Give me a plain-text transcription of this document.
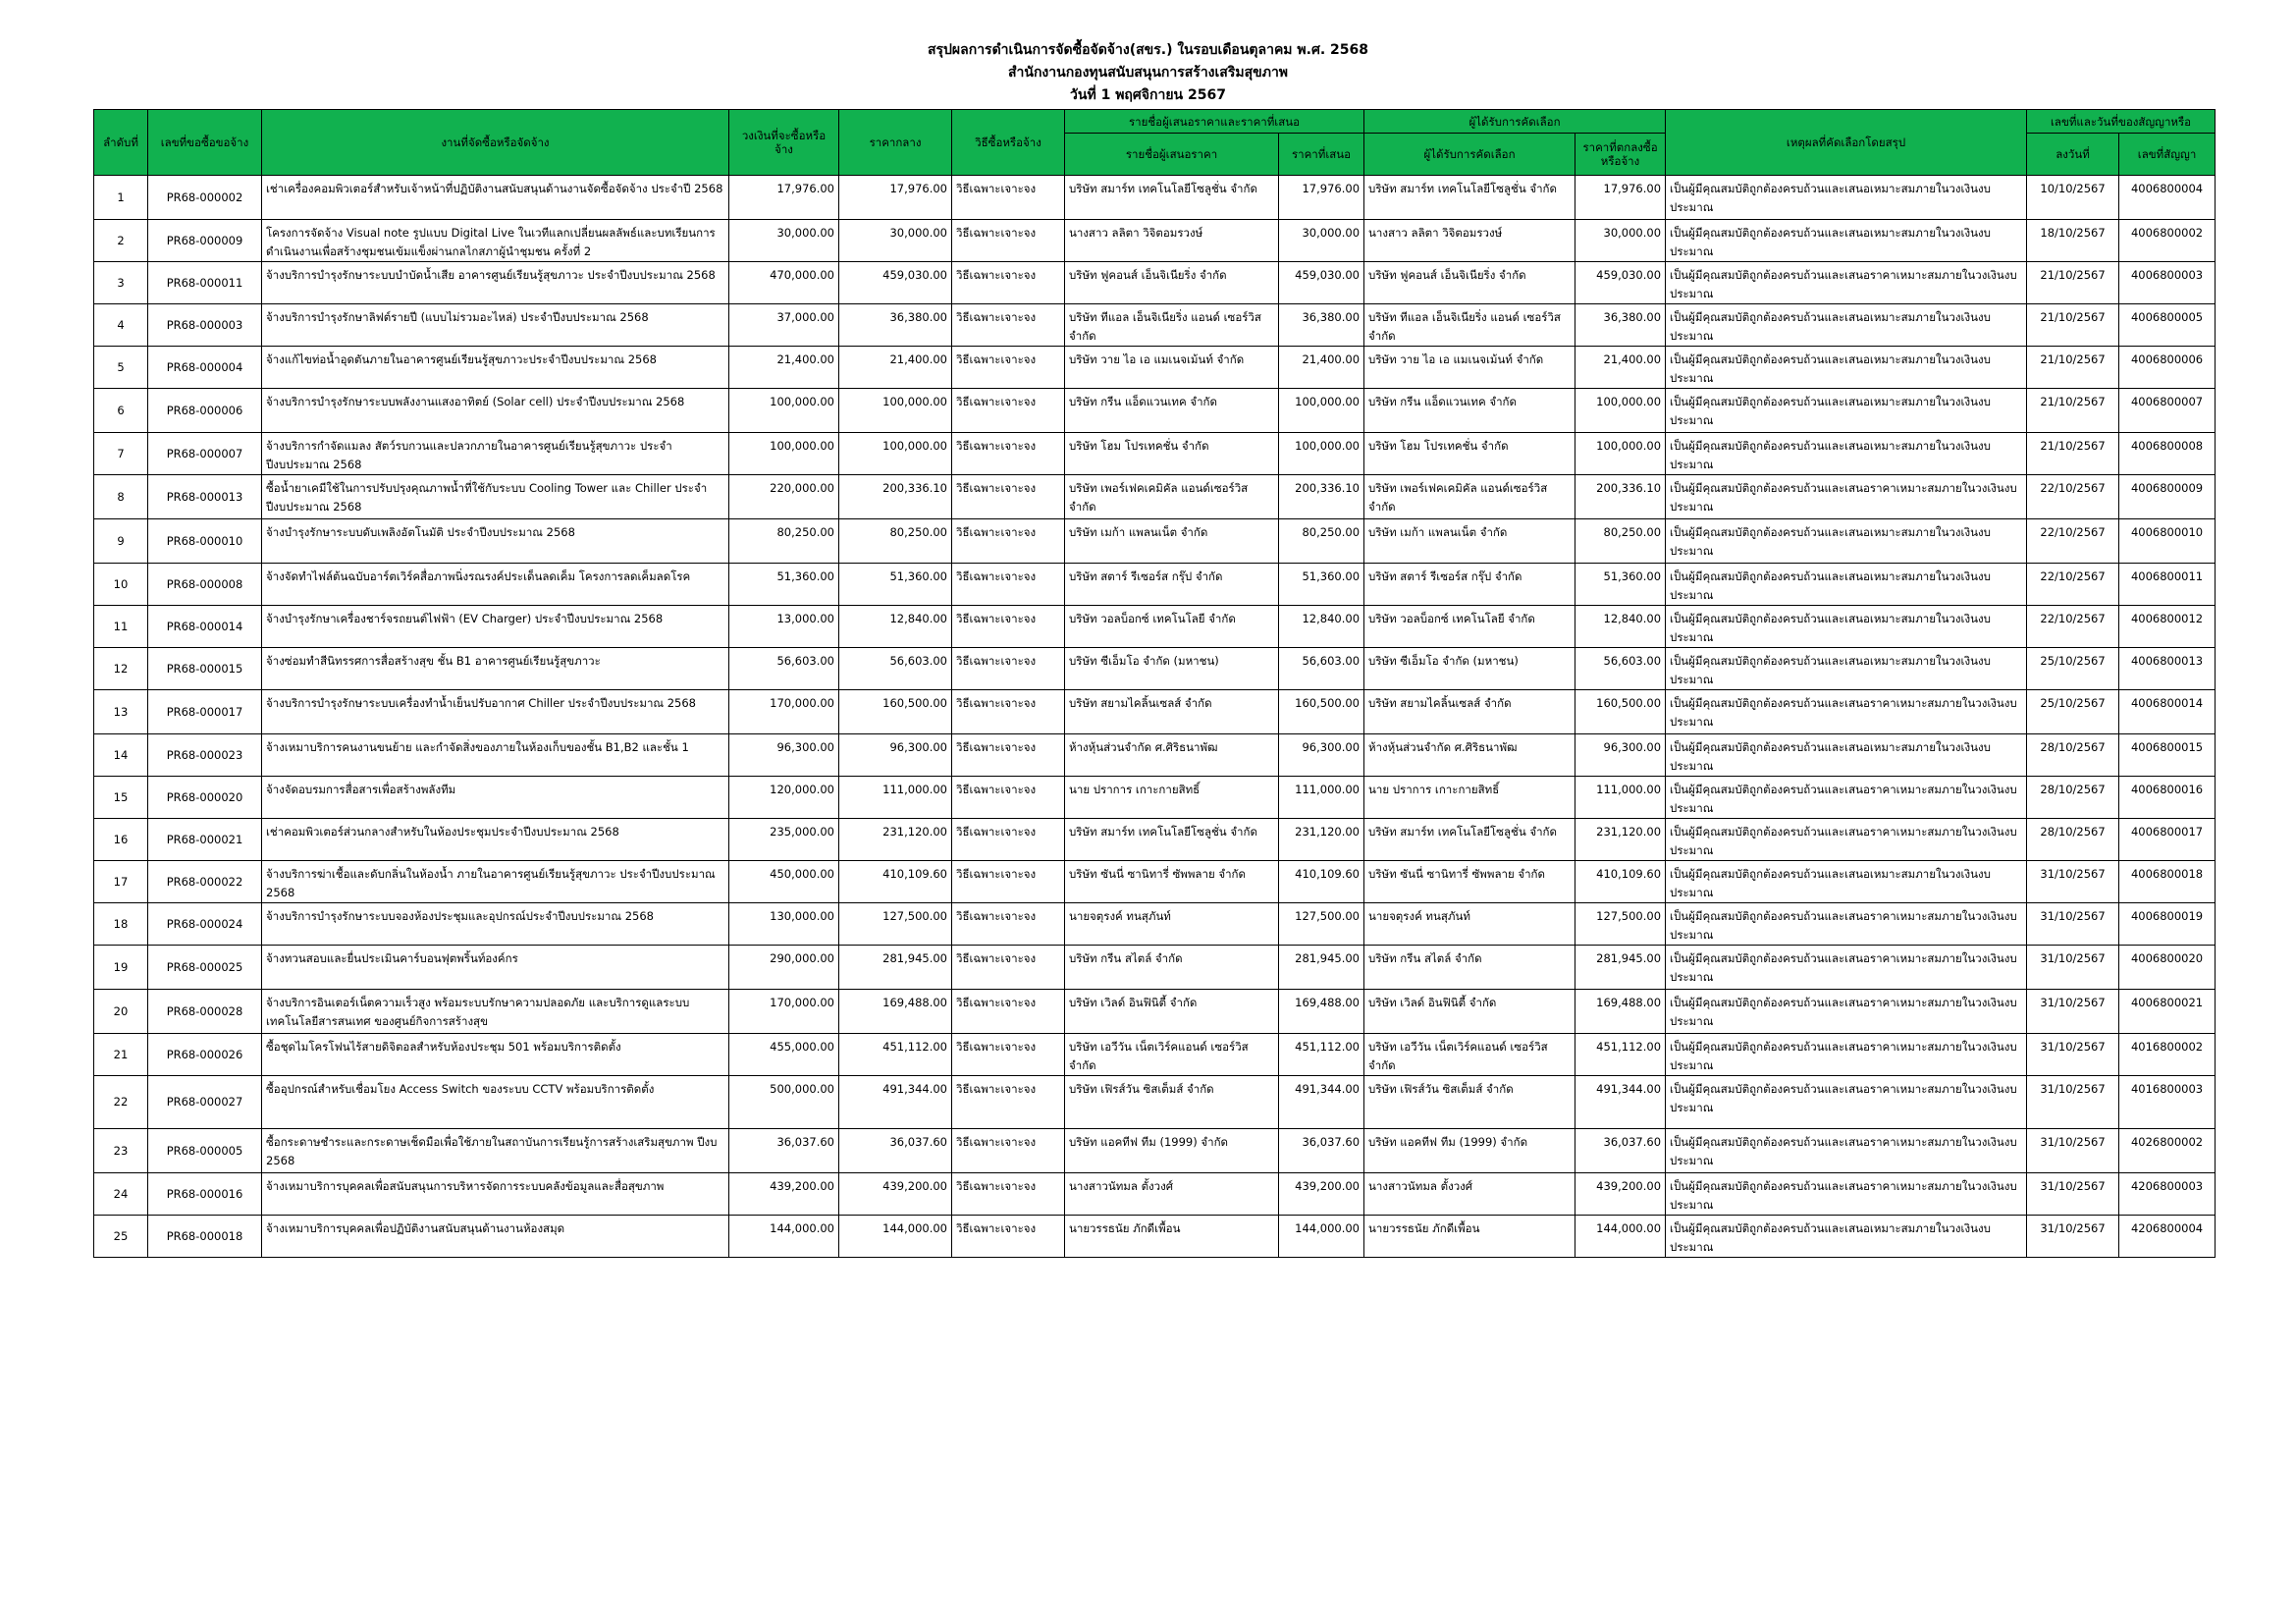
สรุปผลการดำเนินการจัดซื้อจัดจ้าง(สขร.) ในรอบเดือนตุลาคม พ.ศ. 2568
สำนักงานกองทุนสนับสนุนการสร้างเสริมสุขภาพ
วันที่ 1 พฤศจิกายน 2567
ลำดับที่	เลขที่ขอซื้อขอจ้าง	งานที่จัดซื้อหรือจัดจ้าง	วงเงินที่จะซื้อหรือจ้าง	ราคากลาง	วิธีซื้อหรือจ้าง	รายชื่อผู้เสนอราคาและราคาที่เสนอ		ผู้ได้รับการคัดเลือก		เหตุผลที่คัดเลือกโดยสรุป	เลขที่และวันที่ของสัญญาหรือ	
						รายชื่อผู้เสนอราคา	ราคาที่เสนอ	ผู้ได้รับการคัดเลือก	ราคาที่ตกลงซื้อหรือจ้าง		ลงวันที่	เลขที่สัญญา
1	PR68-000002	เช่าเครื่องคอมพิวเตอร์สำหรับเจ้าหน้าที่ปฏิบัติงานสนับสนุนด้านงานจัดซื้อจัดจ้าง ประจำปี 2568	17,976.00	17,976.00	วิธีเฉพาะเจาะจง	บริษัท สมาร์ท เทคโนโลยีโซลูชั่น จำกัด	17,976.00	บริษัท สมาร์ท เทคโนโลยีโซลูชั่น จำกัด	17,976.00	เป็นผู้มีคุณสมบัติถูกต้องครบถ้วนและเสนอเหมาะสมภายในวงเงินงบประมาณ	10/10/2567	4006800004
2	PR68-000009	โครงการจัดจ้าง Visual note รูปแบบ Digital Live ในเวทีแลกเปลี่ยนผลลัพธ์และบทเรียนการดำเนินงานเพื่อสร้างชุมชนเข้มแข็งผ่านกลไกสภาผู้นำชุมชน ครั้งที่ 2	30,000.00	30,000.00	วิธีเฉพาะเจาะจง	นางสาว ลลิตา วิจิตอมรวงษ์	30,000.00	นางสาว ลลิตา วิจิตอมรวงษ์	30,000.00	เป็นผู้มีคุณสมบัติถูกต้องครบถ้วนและเสนอเหมาะสมภายในวงเงินงบประมาณ	18/10/2567	4006800002
3	PR68-000011	จ้างบริการบำรุงรักษาระบบบำบัดน้ำเสีย อาคารศูนย์เรียนรู้สุขภาวะ ประจำปีงบประมาณ 2568	470,000.00	459,030.00	วิธีเฉพาะเจาะจง	บริษัท ฟูคอนส์ เอ็นจิเนียริ่ง จำกัด	459,030.00	บริษัท ฟูคอนส์ เอ็นจิเนียริ่ง จำกัด	459,030.00	เป็นผู้มีคุณสมบัติถูกต้องครบถ้วนและเสนอราคาเหมาะสมภายในวงเงินงบประมาณ	21/10/2567	4006800003
4	PR68-000003	จ้างบริการบำรุงรักษาลิฟต์รายปี (แบบไม่รวมอะไหล่) ประจำปีงบประมาณ 2568	37,000.00	36,380.00	วิธีเฉพาะเจาะจง	บริษัท ทีแอล เอ็นจิเนียริ่ง แอนด์ เซอร์วิส จำกัด	36,380.00	บริษัท ทีแอล เอ็นจิเนียริ่ง แอนด์ เซอร์วิส จำกัด	36,380.00	เป็นผู้มีคุณสมบัติถูกต้องครบถ้วนและเสนอเหมาะสมภายในวงเงินงบประมาณ	21/10/2567	4006800005
5	PR68-000004	จ้างแก้ไขท่อน้ำอุดตันภายในอาคารศูนย์เรียนรู้สุขภาวะประจำปีงบประมาณ 2568	21,400.00	21,400.00	วิธีเฉพาะเจาะจง	บริษัท วาย ไอ เอ แมเนจเม้นท์ จำกัด	21,400.00	บริษัท วาย ไอ เอ แมเนจเม้นท์ จำกัด	21,400.00	เป็นผู้มีคุณสมบัติถูกต้องครบถ้วนและเสนอเหมาะสมภายในวงเงินงบประมาณ	21/10/2567	4006800006
6	PR68-000006	จ้างบริการบำรุงรักษาระบบพลังงานแสงอาทิตย์ (Solar cell) ประจำปีงบประมาณ 2568	100,000.00	100,000.00	วิธีเฉพาะเจาะจง	บริษัท กรีน แอ็ดแวนเทค จำกัด	100,000.00	บริษัท กรีน แอ็ดแวนเทค จำกัด	100,000.00	เป็นผู้มีคุณสมบัติถูกต้องครบถ้วนและเสนอเหมาะสมภายในวงเงินงบประมาณ	21/10/2567	4006800007
7	PR68-000007	จ้างบริการกำจัดแมลง สัตว์รบกวนและปลวกภายในอาคารศูนย์เรียนรู้สุขภาวะ ประจำปีงบประมาณ 2568	100,000.00	100,000.00	วิธีเฉพาะเจาะจง	บริษัท โฮม โปรเทคชั่น จำกัด	100,000.00	บริษัท โฮม โปรเทคชั่น จำกัด	100,000.00	เป็นผู้มีคุณสมบัติถูกต้องครบถ้วนและเสนอเหมาะสมภายในวงเงินงบประมาณ	21/10/2567	4006800008
8	PR68-000013	ซื้อน้ำยาเคมีใช้ในการปรับปรุงคุณภาพน้ำที่ใช้กับระบบ Cooling Tower และ Chiller ประจำปีงบประมาณ 2568	220,000.00	200,336.10	วิธีเฉพาะเจาะจง	บริษัท เพอร์เฟคเคมิคัล แอนด์เซอร์วิส จำกัด	200,336.10	บริษัท เพอร์เฟคเคมิคัล แอนด์เซอร์วิส จำกัด	200,336.10	เป็นผู้มีคุณสมบัติถูกต้องครบถ้วนและเสนอราคาเหมาะสมภายในวงเงินงบประมาณ	22/10/2567	4006800009
9	PR68-000010	จ้างบำรุงรักษาระบบดับเพลิงอัตโนมัติ ประจำปีงบประมาณ 2568	80,250.00	80,250.00	วิธีเฉพาะเจาะจง	บริษัท เมก้า แพลนเน็ต จำกัด	80,250.00	บริษัท เมก้า แพลนเน็ต จำกัด	80,250.00	เป็นผู้มีคุณสมบัติถูกต้องครบถ้วนและเสนอเหมาะสมภายในวงเงินงบประมาณ	22/10/2567	4006800010
10	PR68-000008	จ้างจัดทำไฟล์ต้นฉบับอาร์ตเวิร์คสื่อภาพนิ่งรณรงค์ประเด็นลดเค็ม โครงการลดเค็มลดโรค	51,360.00	51,360.00	วิธีเฉพาะเจาะจง	บริษัท สตาร์ รีเซอร์ส กรุ๊ป จำกัด	51,360.00	บริษัท สตาร์ รีเซอร์ส กรุ๊ป จำกัด	51,360.00	เป็นผู้มีคุณสมบัติถูกต้องครบถ้วนและเสนอเหมาะสมภายในวงเงินงบประมาณ	22/10/2567	4006800011
11	PR68-000014	จ้างบำรุงรักษาเครื่องชาร์จรถยนต์ไฟฟ้า (EV Charger) ประจำปีงบประมาณ 2568	13,000.00	12,840.00	วิธีเฉพาะเจาะจง	บริษัท วอลบ็อกซ์ เทคโนโลยี จำกัด	12,840.00	บริษัท วอลบ็อกซ์ เทคโนโลยี จำกัด	12,840.00	เป็นผู้มีคุณสมบัติถูกต้องครบถ้วนและเสนอเหมาะสมภายในวงเงินงบประมาณ	22/10/2567	4006800012
12	PR68-000015	จ้างซ่อมทำสีนิทรรศการสื่อสร้างสุข ชั้น B1 อาคารศูนย์เรียนรู้สุขภาวะ	56,603.00	56,603.00	วิธีเฉพาะเจาะจง	บริษัท ซีเอ็มโอ จำกัด (มหาชน)	56,603.00	บริษัท ซีเอ็มโอ จำกัด (มหาชน)	56,603.00	เป็นผู้มีคุณสมบัติถูกต้องครบถ้วนและเสนอเหมาะสมภายในวงเงินงบประมาณ	25/10/2567	4006800013
13	PR68-000017	จ้างบริการบำรุงรักษาระบบเครื่องทำน้ำเย็นปรับอากาศ Chiller ประจำปีงบประมาณ 2568	170,000.00	160,500.00	วิธีเฉพาะเจาะจง	บริษัท สยามไคลิ้นเซลส์ จำกัด	160,500.00	บริษัท สยามไคลิ้นเซลส์ จำกัด	160,500.00	เป็นผู้มีคุณสมบัติถูกต้องครบถ้วนและเสนอราคาเหมาะสมภายในวงเงินงบประมาณ	25/10/2567	4006800014
14	PR68-000023	จ้างเหมาบริการคนงานขนย้าย และกำจัดสิ่งของภายในห้องเก็บของชั้น B1,B2 และชั้น 1	96,300.00	96,300.00	วิธีเฉพาะเจาะจง	ห้างหุ้นส่วนจำกัด ศ.ศิริธนาพัฒ	96,300.00	ห้างหุ้นส่วนจำกัด ศ.ศิริธนาพัฒ	96,300.00	เป็นผู้มีคุณสมบัติถูกต้องครบถ้วนและเสนอเหมาะสมภายในวงเงินงบประมาณ	28/10/2567	4006800015
15	PR68-000020	จ้างจัดอบรมการสื่อสารเพื่อสร้างพลังทีม	120,000.00	111,000.00	วิธีเฉพาะเจาะจง	นาย ปราการ เกาะกายสิทธิ์	111,000.00	นาย ปราการ เกาะกายสิทธิ์	111,000.00	เป็นผู้มีคุณสมบัติถูกต้องครบถ้วนและเสนอราคาเหมาะสมภายในวงเงินงบประมาณ	28/10/2567	4006800016
16	PR68-000021	เช่าคอมพิวเตอร์ส่วนกลางสำหรับในห้องประชุมประจำปีงบประมาณ 2568	235,000.00	231,120.00	วิธีเฉพาะเจาะจง	บริษัท สมาร์ท เทคโนโลยีโซลูชั่น จำกัด	231,120.00	บริษัท สมาร์ท เทคโนโลยีโซลูชั่น จำกัด	231,120.00	เป็นผู้มีคุณสมบัติถูกต้องครบถ้วนและเสนอราคาเหมาะสมภายในวงเงินงบประมาณ	28/10/2567	4006800017
17	PR68-000022	จ้างบริการฆ่าเชื้อและดับกลิ่นในห้องน้ำ ภายในอาคารศูนย์เรียนรู้สุขภาวะ ประจำปีงบประมาณ 2568	450,000.00	410,109.60	วิธีเฉพาะเจาะจง	บริษัท ซันนี่ ซานิทารี่ ซัพพลาย จำกัด	410,109.60	บริษัท ซันนี่ ซานิทารี่ ซัพพลาย จำกัด	410,109.60	เป็นผู้มีคุณสมบัติถูกต้องครบถ้วนและเสนอเหมาะสมภายในวงเงินงบประมาณ	31/10/2567	4006800018
18	PR68-000024	จ้างบริการบำรุงรักษาระบบจองห้องประชุมและอุปกรณ์ประจำปีงบประมาณ 2568	130,000.00	127,500.00	วิธีเฉพาะเจาะจง	นายจตุรงค์ ทนสุภันท์	127,500.00	นายจตุรงค์ ทนสุภันท์	127,500.00	เป็นผู้มีคุณสมบัติถูกต้องครบถ้วนและเสนอราคาเหมาะสมภายในวงเงินงบประมาณ	31/10/2567	4006800019
19	PR68-000025	จ้างทวนสอบและยื่นประเมินคาร์บอนฟุตพริ้นท์องค์กร	290,000.00	281,945.00	วิธีเฉพาะเจาะจง	บริษัท กรีน สไตล์ จำกัด	281,945.00	บริษัท กรีน สไตล์ จำกัด	281,945.00	เป็นผู้มีคุณสมบัติถูกต้องครบถ้วนและเสนอราคาเหมาะสมภายในวงเงินงบประมาณ	31/10/2567	4006800020
20	PR68-000028	จ้างบริการอินเตอร์เน็ตความเร็วสูง พร้อมระบบรักษาความปลอดภัย และบริการดูแลระบบเทคโนโลยีสารสนเทศ ของศูนย์กิจการสร้างสุข	170,000.00	169,488.00	วิธีเฉพาะเจาะจง	บริษัท เวิลด์ อินฟินิตี้ จำกัด	169,488.00	บริษัท เวิลด์ อินฟินิตี้ จำกัด	169,488.00	เป็นผู้มีคุณสมบัติถูกต้องครบถ้วนและเสนอราคาเหมาะสมภายในวงเงินงบประมาณ	31/10/2567	4006800021
21	PR68-000026	ซื้อชุดไมโครโฟนไร้สายดิจิตอลสำหรับห้องประชุม 501 พร้อมบริการติดตั้ง	455,000.00	451,112.00	วิธีเฉพาะเจาะจง	บริษัท เอวีวัน เน็ตเวิร์คแอนด์ เซอร์วิส จำกัด	451,112.00	บริษัท เอวีวัน เน็ตเวิร์คแอนด์ เซอร์วิส จำกัด	451,112.00	เป็นผู้มีคุณสมบัติถูกต้องครบถ้วนและเสนอราคาเหมาะสมภายในวงเงินงบประมาณ	31/10/2567	4016800002
22	PR68-000027	ซื้ออุปกรณ์สำหรับเชื่อมโยง Access Switch ของระบบ CCTV พร้อมบริการติดตั้ง	500,000.00	491,344.00	วิธีเฉพาะเจาะจง	บริษัท เฟิรส์วัน ซิสเต็มส์ จำกัด	491,344.00	บริษัท เฟิรส์วัน ซิสเต็มส์ จำกัด	491,344.00	เป็นผู้มีคุณสมบัติถูกต้องครบถ้วนและเสนอราคาเหมาะสมภายในวงเงินงบประมาณ	31/10/2567	4016800003
23	PR68-000005	ซื้อกระดาษชำระและกระดาษเช็ดมือเพื่อใช้ภายในสถาบันการเรียนรู้การสร้างเสริมสุขภาพ ปีงบ 2568	36,037.60	36,037.60	วิธีเฉพาะเจาะจง	บริษัท แอคทีฟ ทีม (1999) จำกัด	36,037.60	บริษัท แอคทีฟ ทีม (1999) จำกัด	36,037.60	เป็นผู้มีคุณสมบัติถูกต้องครบถ้วนและเสนอราคาเหมาะสมภายในวงเงินงบประมาณ	31/10/2567	4026800002
24	PR68-000016	จ้างเหมาบริการบุคคลเพื่อสนับสนุนการบริหารจัดการระบบคลังข้อมูลและสื่อสุขภาพ	439,200.00	439,200.00	วิธีเฉพาะเจาะจง	นางสาวนัทมล ตั้งวงศ์	439,200.00	นางสาวนัทมล ตั้งวงศ์	439,200.00	เป็นผู้มีคุณสมบัติถูกต้องครบถ้วนและเสนอราคาเหมาะสมภายในวงเงินงบประมาณ	31/10/2567	4206800003
25	PR68-000018	จ้างเหมาบริการบุคคลเพื่อปฏิบัติงานสนับสนุนด้านงานห้องสมุด	144,000.00	144,000.00	วิธีเฉพาะเจาะจง	นายวรรธนัย ภักดีเพื้อน	144,000.00	นายวรรธนัย ภักดีเพื้อน	144,000.00	เป็นผู้มีคุณสมบัติถูกต้องครบถ้วนและเสนอเหมาะสมภายในวงเงินงบประมาณ	31/10/2567	4206800004
